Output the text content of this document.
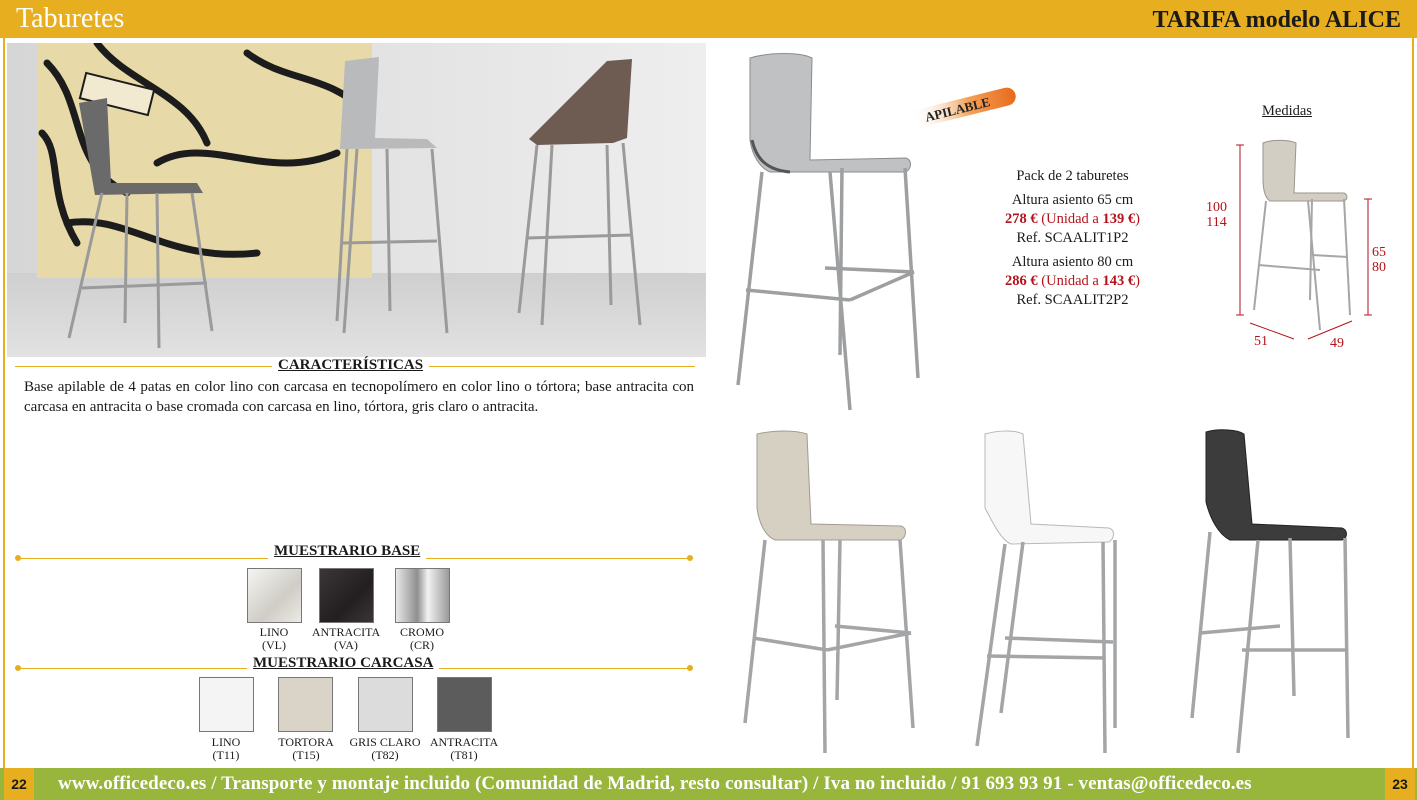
Taburetes	TARIFA modelo ALICE
CARACTERÍSTICAS
Base apilable de 4 patas en color lino con carcasa en tecnopolímero en color lino o tórtora; base antracita con carcasa en antracita o base cromada con carcasa en lino, tórtora, gris claro o antracita.
MUESTRARIO BASE
LINO
(VL)
ANTRACITA
(VA)
CROMO
(CR)
MUESTRARIO CARCASA
LINO
(T11)
TORTORA
(T15)
GRIS CLARO
(T82)
ANTRACITA
(T81)
APILABLE
Pack de 2 taburetes
Altura asiento 65 cm
278 € (Unidad a 139 €)
Ref. SCAALIT1P2
Altura asiento 80 cm
286 € (Unidad a 143 €)
Ref. SCAALIT2P2
Medidas
100
114
65
80
51	49
22	23
www.officedeco.es / Transporte y montaje incluido (Comunidad de Madrid, resto consultar) / Iva no incluido / 91 693 93 91 - ventas@officedeco.es
